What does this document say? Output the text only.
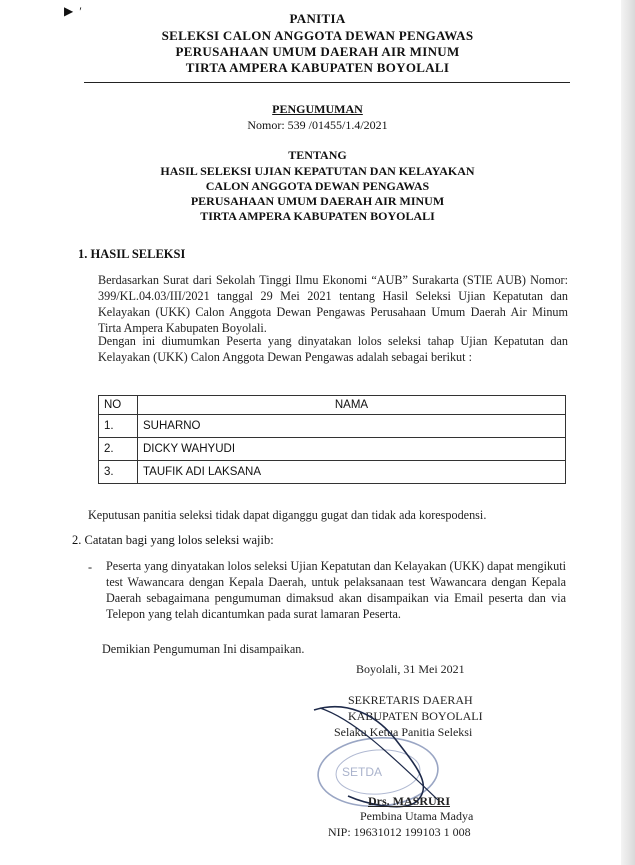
▶  ′	PANITIA
SELEKSI CALON ANGGOTA DEWAN PENGAWAS
PERUSAHAAN UMUM DAERAH AIR MINUM
TIRTA AMPERA KABUPATEN BOYOLALI
PENGUMUMAN
Nomor: 539 /01455/1.4/2021
TENTANG
HASIL SELEKSI UJIAN KEPATUTAN DAN KELAYAKAN
CALON ANGGOTA DEWAN PENGAWAS
PERUSAHAAN UMUM DAERAH AIR MINUM
TIRTA AMPERA KABUPATEN BOYOLALI
1. HASIL SELEKSI
Berdasarkan Surat dari Sekolah Tinggi Ilmu Ekonomi “AUB” Surakarta (STIE AUB) Nomor: 399/KL.04.03/III/2021 tanggal 29 Mei 2021 tentang Hasil Seleksi Ujian Kepatutan dan Kelayakan (UKK) Calon Anggota Dewan Pengawas Perusahaan Umum Daerah Air Minum Tirta Ampera Kabupaten Boyolali.
Dengan ini diumumkan Peserta yang dinyatakan lolos seleksi tahap Ujian Kepatutan dan Kelayakan (UKK) Calon Anggota Dewan Pengawas adalah sebagai berikut :
NO	NAMA
1.	SUHARNO
2.	DICKY WAHYUDI
3.	TAUFIK ADI LAKSANA
Keputusan panitia seleksi tidak dapat diganggu gugat dan tidak ada korespodensi.
2. Catatan bagi yang lolos seleksi wajib:
- Peserta yang dinyatakan lolos seleksi Ujian Kepatutan dan Kelayakan (UKK) dapat mengikuti test Wawancara dengan Kepala Daerah, untuk pelaksanaan test Wawancara dengan Kepala Daerah sebagaimana pengumuman dimaksud akan disampaikan via Email peserta dan via Telepon yang telah dicantumkan pada surat lamaran Peserta.
Demikian Pengumuman Ini disampaikan.
Boyolali, 31 Mei 2021
SEKRETARIS DAERAH
KABUPATEN BOYOLALI
Selaku Ketua Panitia Seleksi
SETDA
Drs. MASRURI
Pembina Utama Madya
NIP: 19631012 199103 1 008
